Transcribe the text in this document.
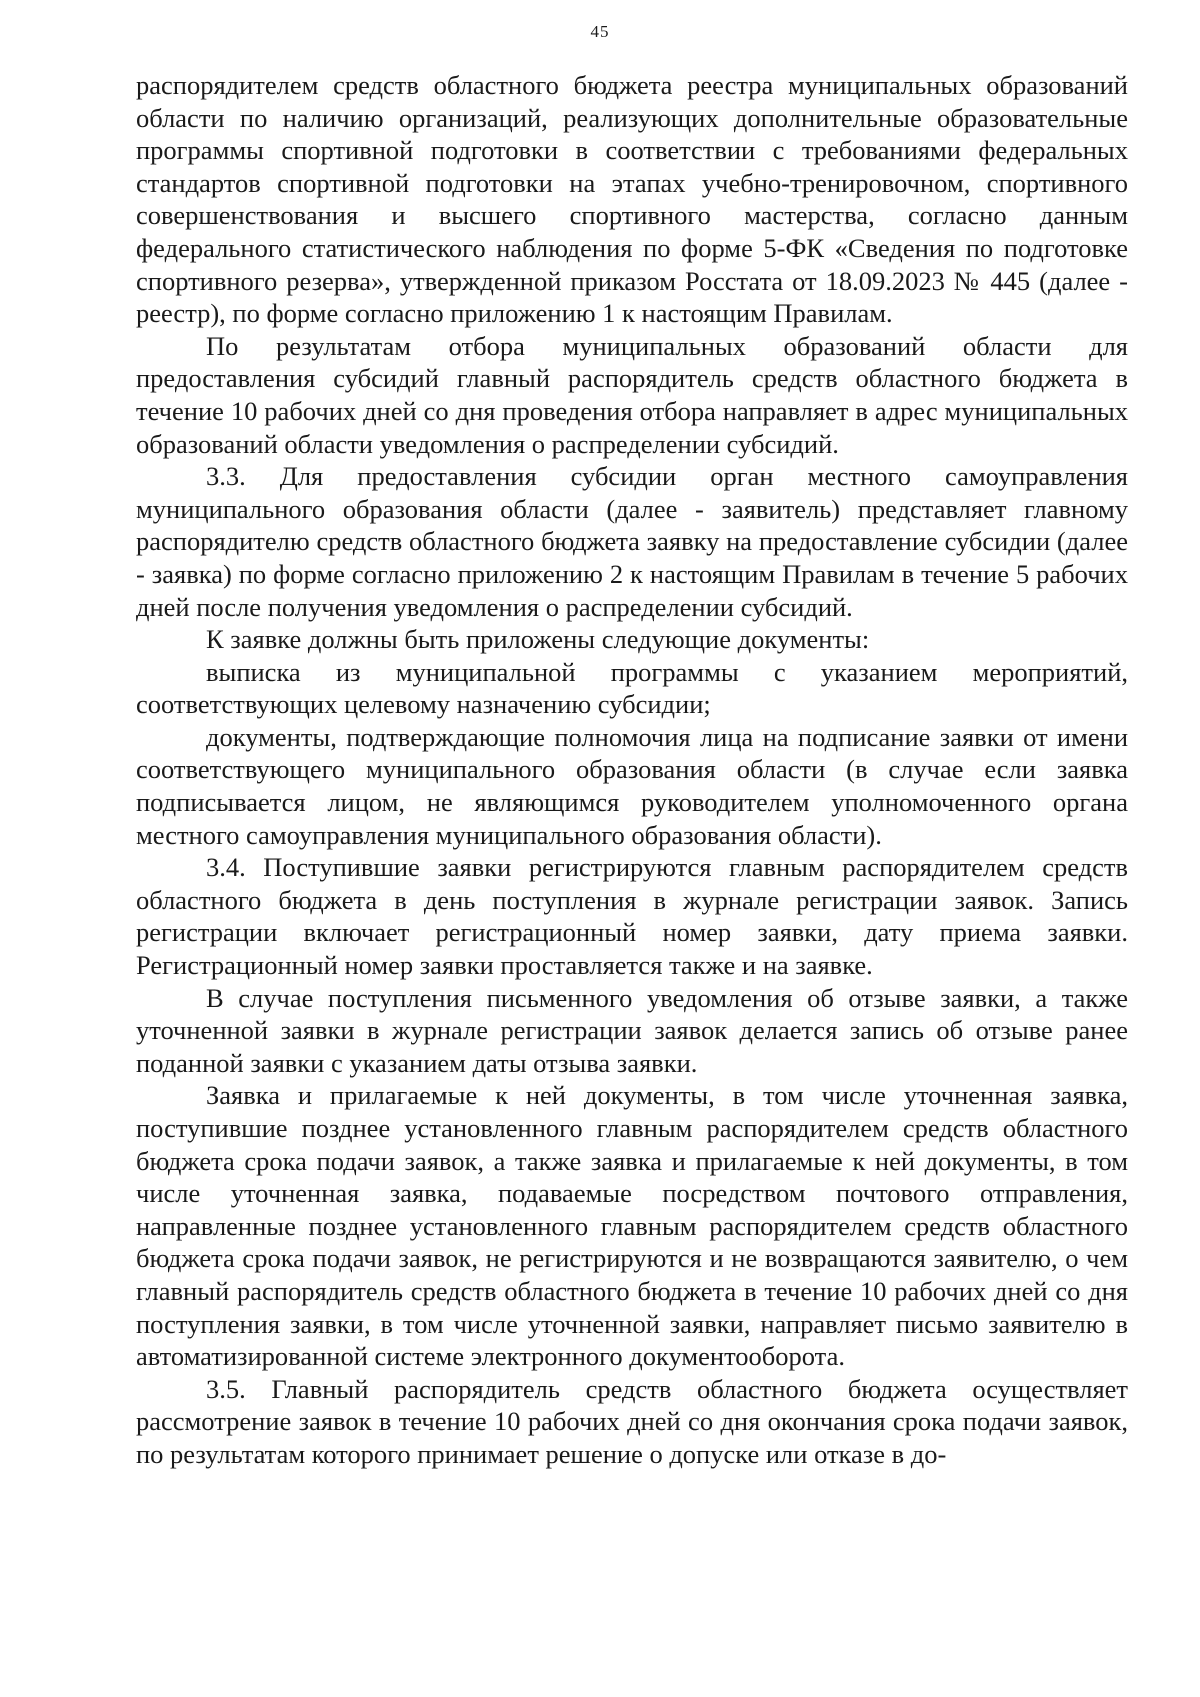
45

распорядителем средств областного бюджета реестра муниципальных образований области по наличию организаций, реализующих дополнительные образовательные программы спортивной подготовки в соответствии с требованиями федеральных стандартов спортивной подготовки на этапах учебно-тренировочном, спортивного совершенствования и высшего спортивного мастерства, согласно данным федерального статистического наблюдения по форме 5-ФК «Сведения по подготовке спортивного резерва», утвержденной приказом Росстата от 18.09.2023 № 445 (далее - реестр), по форме согласно приложению 1 к настоящим Правилам.

По результатам отбора муниципальных образований области для предоставления субсидий главный распорядитель средств областного бюджета в течение 10 рабочих дней со дня проведения отбора направляет в адрес муниципальных образований области уведомления о распределении субсидий.

3.3. Для предоставления субсидии орган местного самоуправления муниципального образования области (далее - заявитель) представляет главному распорядителю средств областного бюджета заявку на предоставление субсидии (далее - заявка) по форме согласно приложению 2 к настоящим Правилам в течение 5 рабочих дней после получения уведомления о распределении субсидий.

К заявке должны быть приложены следующие документы:

выписка из муниципальной программы с указанием мероприятий, соответствующих целевому назначению субсидии;

документы, подтверждающие полномочия лица на подписание заявки от имени соответствующего муниципального образования области (в случае если заявка подписывается лицом, не являющимся руководителем уполномоченного органа местного самоуправления муниципального образования области).

3.4. Поступившие заявки регистрируются главным распорядителем средств областного бюджета в день поступления в журнале регистрации заявок. Запись регистрации включает регистрационный номер заявки, дату приема заявки. Регистрационный номер заявки проставляется также и на заявке.

В случае поступления письменного уведомления об отзыве заявки, а также уточненной заявки в журнале регистрации заявок делается запись об отзыве ранее поданной заявки с указанием даты отзыва заявки.

Заявка и прилагаемые к ней документы, в том числе уточненная заявка, поступившие позднее установленного главным распорядителем средств областного бюджета срока подачи заявок, а также заявка и прилагаемые к ней документы, в том числе уточненная заявка, подаваемые посредством почтового отправления, направленные позднее установленного главным распорядителем средств областного бюджета срока подачи заявок, не регистрируются и не возвращаются заявителю, о чем главный распорядитель средств областного бюджета в течение 10 рабочих дней со дня поступления заявки, в том числе уточненной заявки, направляет письмо заявителю в автоматизированной системе электронного документооборота.

3.5. Главный распорядитель средств областного бюджета осуществляет рассмотрение заявок в течение 10 рабочих дней со дня окончания срока подачи заявок, по результатам которого принимает решение о допуске или отказе в до-
